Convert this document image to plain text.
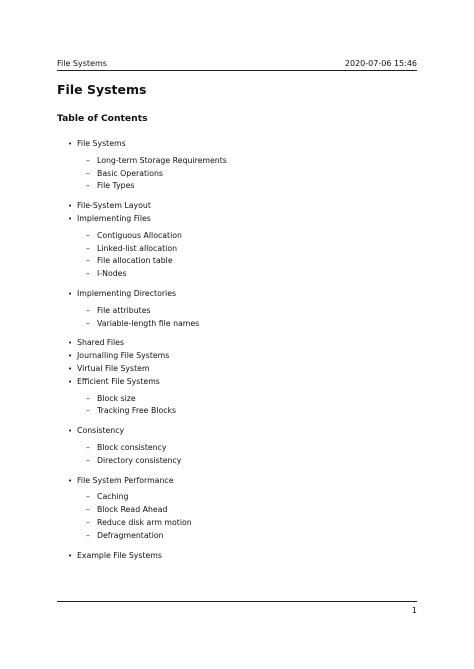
File Systems	2020-07-06 15:46
File Systems
Table of Contents
• File Systems
– Long-term Storage Requirements
– Basic Operations
– File Types
• File-System Layout
• Implementing Files
– Contiguous Allocation
– Linked-list allocation
– File allocation table
– I-Nodes
• Implementing Directories
– File attributes
– Variable-length file names
• Shared Files
• Journalling File Systems
• Virtual File System
• Efficient File Systems
– Block size
– Tracking Free Blocks
• Consistency
– Block consistency
– Directory consistency
• File System Performance
– Caching
– Block Read Ahead
– Reduce disk arm motion
– Defragmentation
• Example File Systems
1
